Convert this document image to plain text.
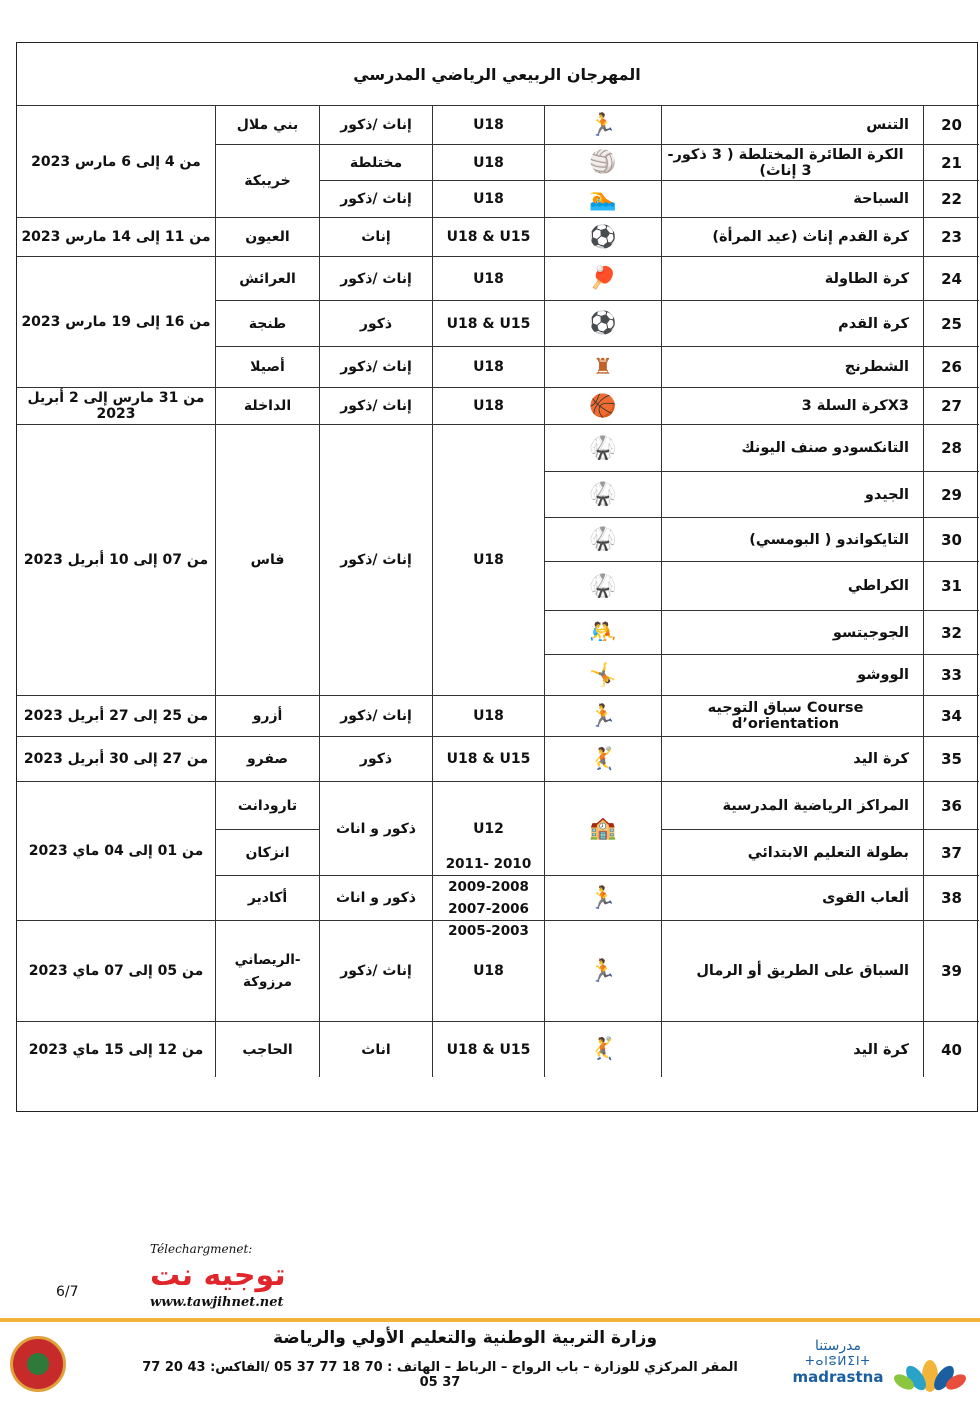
المهرجان الربيعي الرياضي المدرسي
20
التنس
21
الكرة الطائرة المختلطة ( 3 ذكور- 3 إناث)
22
السباحة
23
كرة القدم إناث (عيد المرأة)
24
كرة الطاولة
25
كرة القدم
26
الشطرنج
27
كرة السلة 3X3
28
التانكسودو صنف اليونك
29
الجيدو
30
التايكواندو ( البومسي)
31
الكراطي
32
الجوجيتسو
33
الووشو
34
سباق التوجيه Course d’orientation
35
كرة اليد
36
المراكز الرياضية المدرسية
37
بطولة التعليم الابتدائي
38
ألعاب القوى
39
السباق على الطريق أو الرمال
40
كرة اليد
🏃
🏐
🏊
⚽
🏓
⚽
♜
🏀
🥋
🥋
🥋
🥋
🤼
🤸
🏃
🤾
🏫
🏃
🏃
🤾
U18
U18
U18
إناث /ذكور
مختلطة
إناث /ذكور
بني ملال
خريبكة
من 4 إلى 6 مارس 2023
U18 & U15
إناث
العيون
من 11 إلى 14 مارس 2023
U18
إناث /ذكور
العرائش
U18 & U15
ذكور
طنجة
U18
إناث /ذكور
أصيلا
من 16 إلى 19 مارس 2023
U18
إناث /ذكور
الداخلة
من 31 مارس إلى 2 أبريل 2023
U18
إناث /ذكور
فاس
من 07 إلى 10 أبريل 2023
U18
إناث /ذكور
أزرو
من 25 إلى 27 أبريل 2023
U18 & U15
ذكور
صفرو
من 27 إلى 30 أبريل 2023
U12
ذكور و اناث
تارودانت
انزكان
2011- 2010
2009-2008
2007-2006
2005-2003
ذكور و اناث
أكادير
من 01 إلى 04 ماي 2023
U18
إناث /ذكور
الريصاني-
مرزوكة
من 05 إلى 07 ماي 2023
U18 & U15
اناث
الحاجب
من 12 إلى 15 ماي 2023
6/7
Télechargmenet:
توجيه نت
www.tawjihnet.net
وزارة التربية الوطنية والتعليم الأولي والرياضة
المقر المركزي للوزارة – باب الرواح – الرباط – الهاتف : 70 18 77 37 05 /الفاكس: 43 20 77 37 05
مدرستنا
ⵜⴰⵏⵓⵍⵉⵏⵜ
madrastna
